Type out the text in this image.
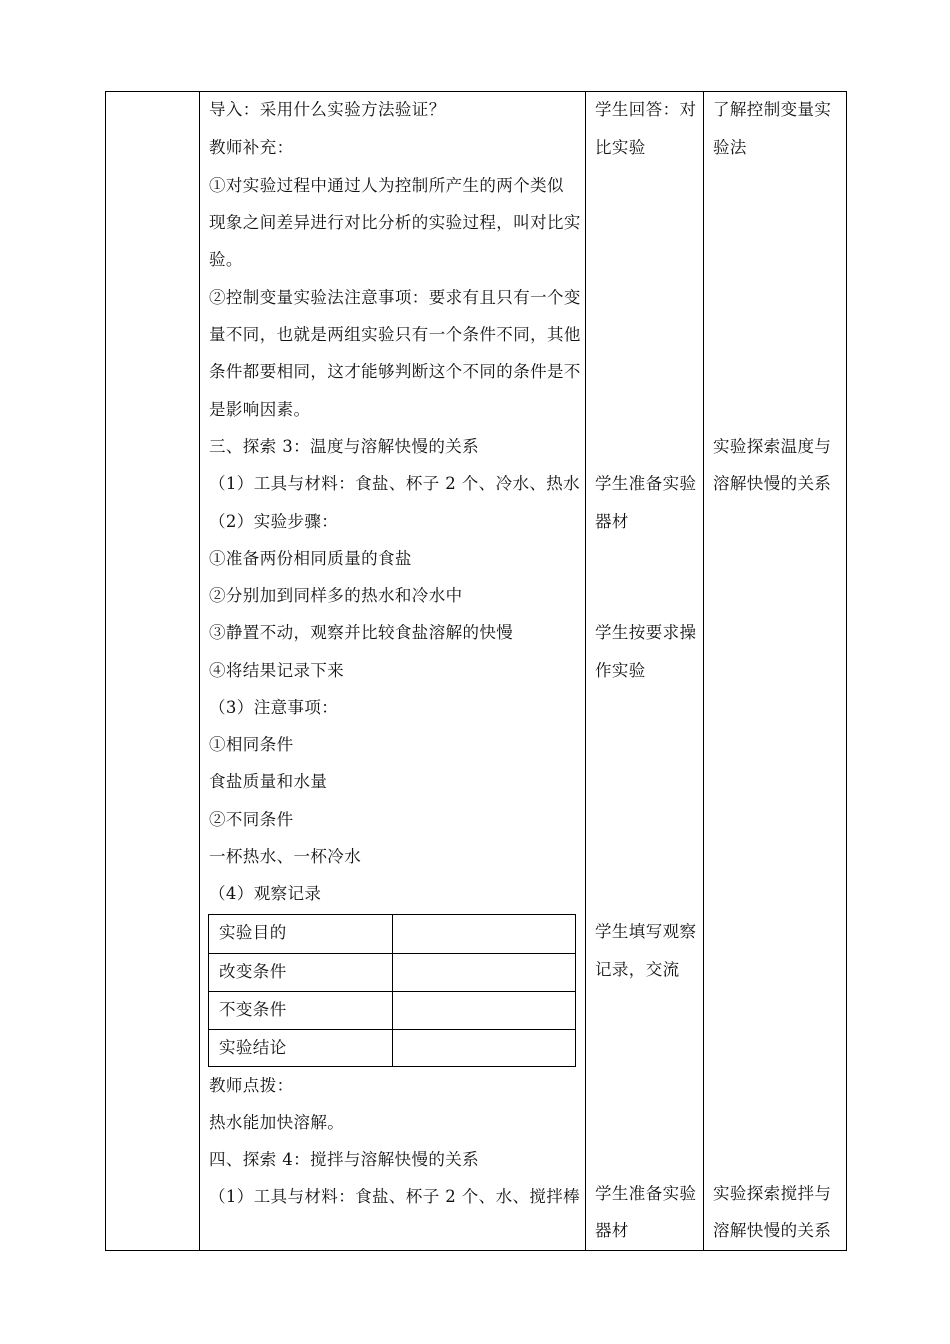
导入：采用什么实验方法验证？
教师补充：
①对实验过程中通过人为控制所产生的两个类似
现象之间差异进行对比分析的实验过程，叫对比实
验。
②控制变量实验法注意事项：要求有且只有一个变
量不同，也就是两组实验只有一个条件不同，其他
条件都要相同，这才能够判断这个不同的条件是不
是影响因素。
三、探索 3：温度与溶解快慢的关系
（1）工具与材料：食盐、杯子 2 个、冷水、热水
（2）实验步骤：
①准备两份相同质量的食盐
②分别加到同样多的热水和冷水中
③静置不动，观察并比较食盐溶解的快慢
④将结果记录下来
（3）注意事项：
①相同条件
食盐质量和水量
②不同条件
一杯热水、一杯冷水
（4）观察记录
实验目的
改变条件
不变条件
实验结论
教师点拨：
热水能加快溶解。
四、探索 4：搅拌与溶解快慢的关系
（1）工具与材料：食盐、杯子 2 个、水、搅拌棒
学生回答：对
比实验
学生准备实验
器材
学生按要求操
作实验
学生填写观察
记录，交流
学生准备实验
器材
了解控制变量实
验法
实验探索温度与
溶解快慢的关系
实验探索搅拌与
溶解快慢的关系
